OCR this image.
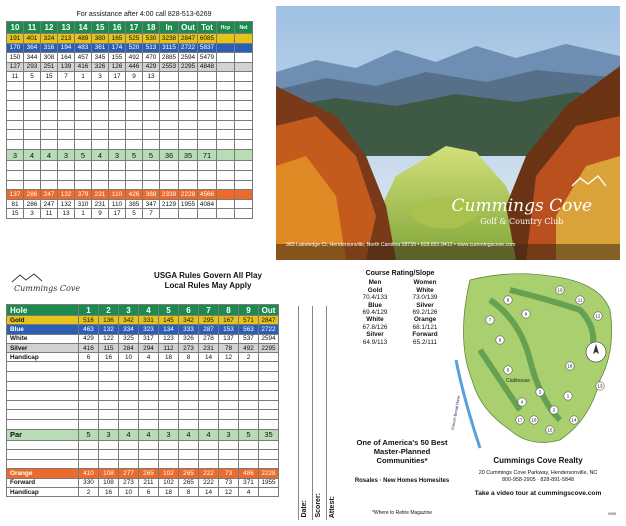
For assistance after 4:00 call 828-513-6269
10	11	12	13	14	15	16	17	18	In	Out	Tot	Hcp	Net
191	401	324	213	489	380	165	525	530	3238	2847	6085		
170	364	316	194	483	361	174	520	513	3115	2722	5837		
150	344	308	164	457	345	155	492	470	2885	2594	5479		
127	293	251	139	416	326	126	446	429	2553	2295	4848		
11	5	15	7	1	3	17	9	13					

3	4	4	3	5	4	3	5	5	36	35	71		

137	286	247	132	379	231	110	426	388	2338	2228	4566		
81	286	247	132	310	231	110	385	347	2129	1955	4084		
15	3	11	13	1	9	17	5	7						Cummings Cove
Golf & Country Club
983 Lakeledge Ct. Hendersonville, North Carolina 28739 • 828.891.9412 • www.cummingscove.com
Cummings Cove
USGA Rules Govern All Play
Local Rules May Apply
Hole	1	2	3	4	5	6	7	8	9	Out
Gold	516	136	342	331	145	342	295	167	571	2847
Blue	463	132	334	323	134	333	287	153	563	2722
White	429	122	325	317	123	326	278	137	537	2594
Silver	416	115	284	294	112	273	231	78	492	2295
Handicap	6	16	10	4	18	8	14	12	2	

Par	5	3	4	4	3	4	4	3	5	35

Orange	410	108	277	265	102	265	222	73	486	2228
Forward	330	108	273	211	102	265	222	73	371	1955
Handicap	2	16	10	6	18	8	14	12	4	
Date: Scorer: Attest:
Course Rating/Slope
Men	Women
Gold	White
70.4/133	73.0/139
Blue	Silver
69.4/129	69.2/126
White	Orange
67.8/126	68.1/121
Silver	Forward
64.9/113	65.2/111
1
2
3
4
5
6
7
8
9
10
11
12
13
14
15
16
17
18
Clubhouse
French Broad River
One of America's 50 Best Master-Planned Communities*
Rosales · New Homes Homesites
*Where to Retire Magazine
Cummings Cove Realty
20 Cummings Cove Parkway, Hendersonville, NC
800-958-2905 · 828-891-5848
Take a video tour at cummingscove.com
0909
